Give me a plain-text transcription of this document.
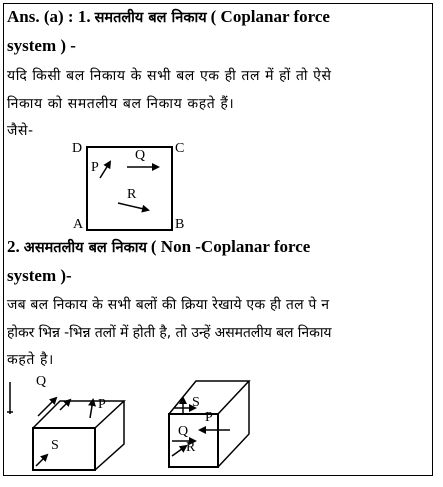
Ans. (a) : 1. समतलीय बल निकाय ( Coplanar force
system ) -
यदि किसी बल निकाय के सभी बल एक ही तल में हों तो ऐसे
निकाय को समतलीय बल निकाय कहते हैं।
जैसे-
D	C
A	B
P
Q
R
2. असमतलीय बल निकाय ( Non -Coplanar force
system )-
जब बल निकाय के सभी बलों की क्रिया रेखाये एक ही तल पे न
होकर भिन्न -भिन्न तलों में होती है, तो उन्हें असमतलीय बल निकाय
कहते है।
Q
P
S
S
P
Q
R
